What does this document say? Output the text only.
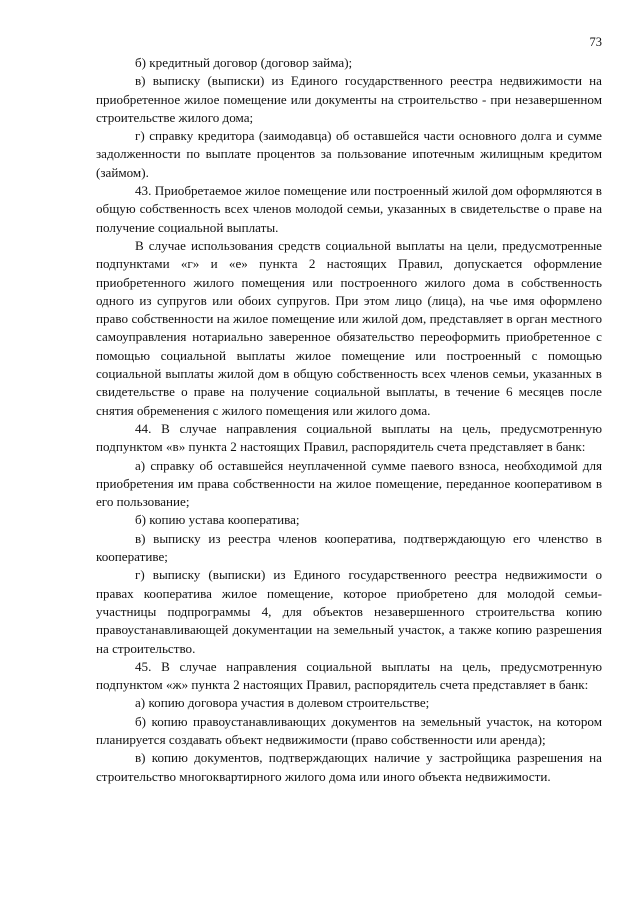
73

б) кредитный договор (договор займа);

в) выписку (выписки) из Единого государственного реестра недвижимости на приобретенное жилое помещение или документы на строительство - при незавершенном строительстве жилого дома;

г) справку кредитора (заимодавца) об оставшейся части основного долга и сумме задолженности по выплате процентов за пользование ипотечным жилищным кредитом (займом).

43. Приобретаемое жилое помещение или построенный жилой дом оформляются в общую собственность всех членов молодой семьи, указанных в свидетельстве о праве на получение социальной выплаты.

В случае использования средств социальной выплаты на цели, предусмотренные подпунктами «г» и «е» пункта 2 настоящих Правил, допускается оформление приобретенного жилого помещения или построенного жилого дома в собственность одного из супругов или обоих супругов. При этом лицо (лица), на чье имя оформлено право собственности на жилое помещение или жилой дом, представляет в орган местного самоуправления нотариально заверенное обязательство переоформить приобретенное с помощью социальной выплаты жилое помещение или построенный с помощью социальной выплаты жилой дом в общую собственность всех членов семьи, указанных в свидетельстве о праве на получение социальной выплаты, в течение 6 месяцев после снятия обременения с жилого помещения или жилого дома.

44. В случае направления социальной выплаты на цель, предусмотренную подпунктом «в» пункта 2 настоящих Правил, распорядитель счета представляет в банк:

а) справку об оставшейся неуплаченной сумме паевого взноса, необходимой для приобретения им права собственности на жилое помещение, переданное кооперативом в его пользование;

б) копию устава кооператива;

в) выписку из реестра членов кооператива, подтверждающую его членство в кооперативе;

г) выписку (выписки) из Единого государственного реестра недвижимости о правах кооператива жилое помещение, которое приобретено для молодой семьи-участницы подпрограммы 4, для объектов незавершенного строительства копию правоустанавливающей документации на земельный участок, а также копию разрешения на строительство.

45. В случае направления социальной выплаты на цель, предусмотренную подпунктом «ж» пункта 2 настоящих Правил, распорядитель счета представляет в банк:

а) копию договора участия в долевом строительстве;

б) копию правоустанавливающих документов на земельный участок, на котором планируется создавать объект недвижимости (право собственности или аренда);

в) копию документов, подтверждающих наличие у застройщика разрешения на строительство многоквартирного жилого дома или иного объекта недвижимости.
